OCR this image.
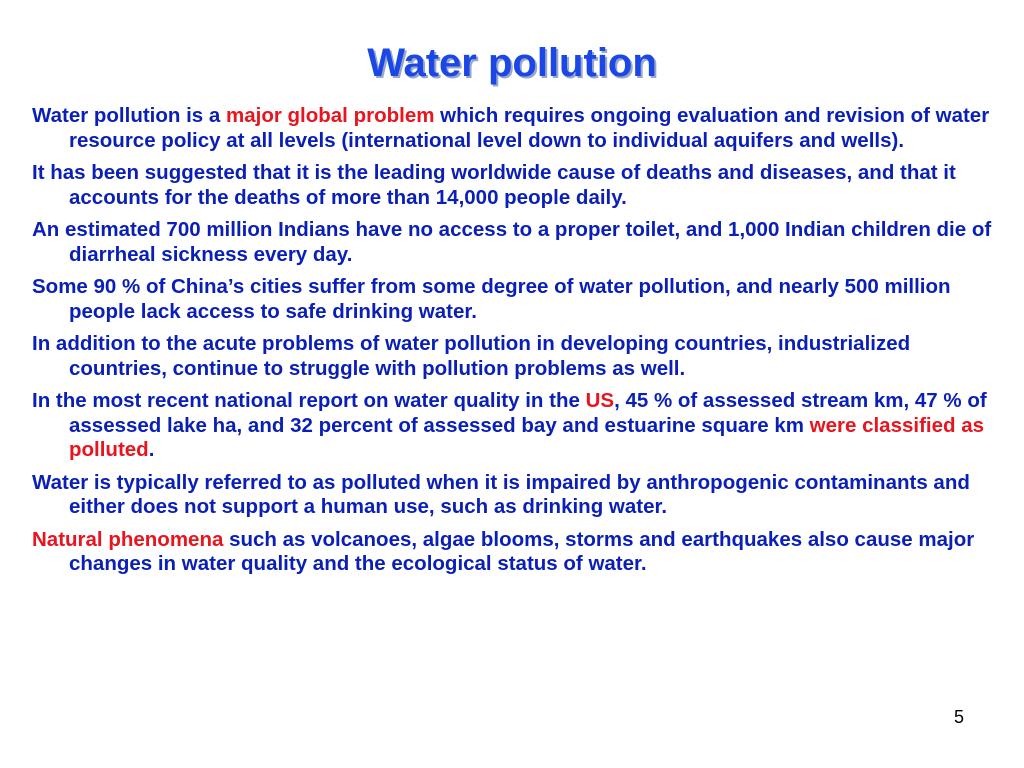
Water pollution
Water pollution is a major global problem which requires ongoing evaluation and revision of water resource policy at all levels (international level down to individual aquifers and wells).
It has been suggested that it is the leading worldwide cause of deaths and diseases, and that it accounts for the deaths of more than 14,000 people daily.
An estimated 700 million Indians have no access to a proper toilet, and 1,000 Indian children die of diarrheal sickness every day.
Some 90 % of China’s cities suffer from some degree of water pollution, and nearly 500 million people lack access to safe drinking water.
In addition to the acute problems of water pollution in developing countries, industrialized countries, continue to struggle with pollution problems as well.
In the most recent national report on water quality in the US, 45 % of assessed stream km, 47 % of assessed lake ha, and 32 percent of assessed bay and estuarine square km were classified as polluted.
Water is typically referred to as polluted when it is impaired by anthropogenic contaminants and either does not support a human use, such as drinking water.
Natural phenomena such as volcanoes, algae blooms, storms and earthquakes also cause major changes in water quality and the ecological status of water.
5
